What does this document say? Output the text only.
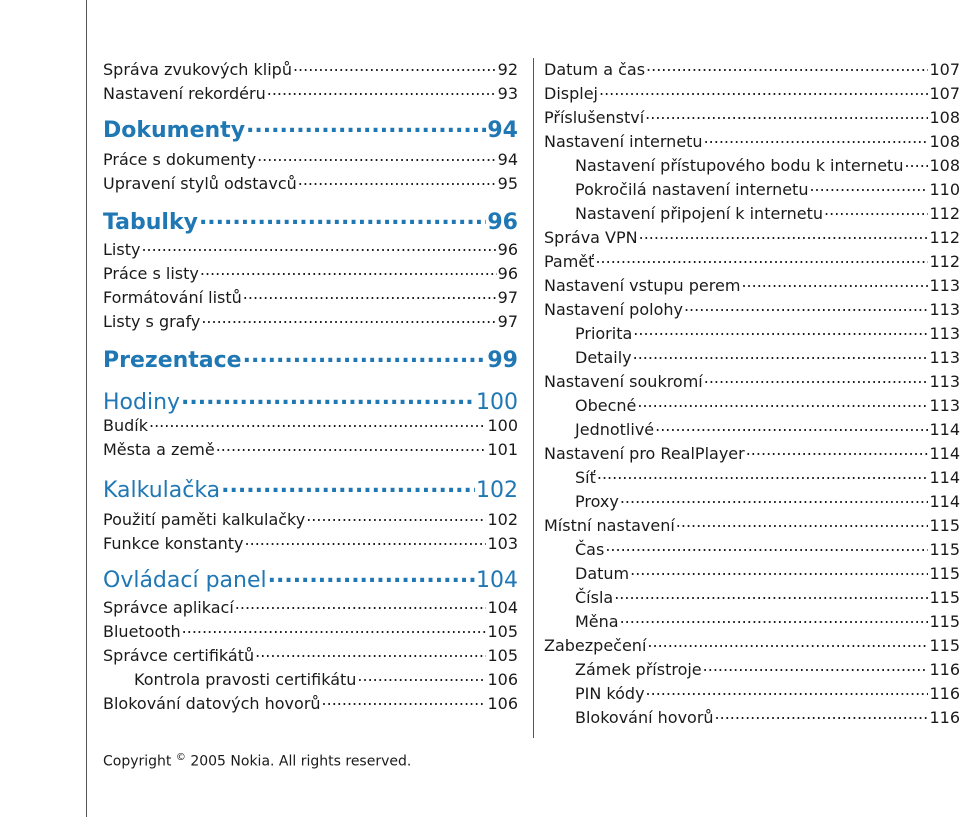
Správa zvukových klipů .....	92
Nastavení rekordéru .....	93
Dokumenty .....	94
Práce s dokumenty .....	94
Upravení stylů odstavců .....	95
Tabulky .....	96
Listy .....	96
Práce s listy .....	96
Formátování listů .....	97
Listy s grafy .....	97
Prezentace .....	99
Hodiny .....	100
Budík .....	100
Města a země .....	101
Kalkulačka .....	102
Použití paměti kalkulačky .....	102
Funkce konstanty .....	103
Ovládací panel .....	104
Správce aplikací .....	104
Bluetooth .....	105
Správce certifikátů .....	105
Kontrola pravosti certifikátu .....	106
Blokování datových hovorů .....	106
Datum a čas .....	107
Displej .....	107
Příslušenství .....	108
Nastavení internetu .....	108
Nastavení přístupového bodu k internetu ..... 108
Pokročilá nastavení internetu .....	110
Nastavení připojení k internetu .....	112
Správa VPN .....	112
Paměť .....	112
Nastavení vstupu perem .....	113
Nastavení polohy .....	113
Priorita .....	113
Detaily .....	113
Nastavení soukromí .....	113
Obecné .....	113
Jednotlivé .....	114
Nastavení pro RealPlayer .....	114
Síť .....	114
Proxy .....	114
Místní nastavení .....	115
Čas .....	115
Datum .....	115
Čísla .....	115
Měna .....	115
Zabezpečení .....	115
Zámek přístroje .....	116
PIN kódy .....	116
Blokování hovorů .....	116
Copyright © 2005 Nokia. All rights reserved.
